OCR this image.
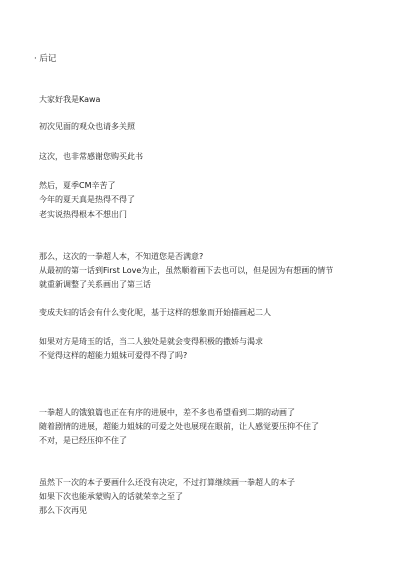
· 后记
大家好我是Kawa
初次见面的观众也请多关照
这次，也非常感谢您购买此书
然后，夏季CM辛苦了
今年的夏天真是热得不得了
老实说热得根本不想出门
那么，这次的一拳超人本，不知道您是否满意?
从最初的第一话到First Love为止，虽然顺着画下去也可以，但是因为有想画的情节
就重新调整了关系画出了第三话
变成夫妇的话会有什么变化呢，基于这样的想象而开始描画起二人
如果对方是琦玉的话，当二人独处是就会变得积极的撒娇与渴求
不觉得这样的超能力姐妹可爱得不得了吗?
一拳超人的饿狼篇也正在有序的进展中，差不多也希望看到二期的动画了
随着剧情的进展，超能力姐妹的可爱之处也展现在眼前，让人感觉要压抑不住了
不对，是已经压抑不住了
虽然下一次的本子要画什么还没有决定，不过打算继续画一拳超人的本子
如果下次也能承蒙购入的话就荣幸之至了
那么下次再见
